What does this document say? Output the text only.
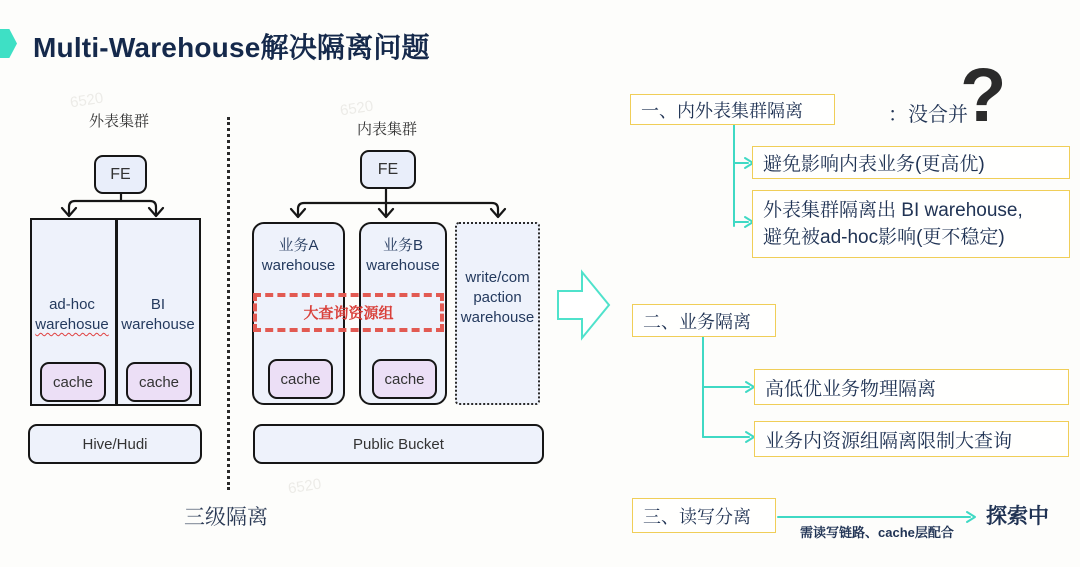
6520	6520
6520
Multi-Warehouse解决隔离问题
外表集群
FE
ad-hoc
warehosue
BI
warehouse
cache	cache
Hive/Hudi
内表集群
FE
业务A
warehouse
业务B
warehouse
write/com
paction
warehouse
大查询资源组
cache	cache
Public Bucket
三级隔离
一、内外表集群隔离	：没合并
?
避免影响内表业务(更高优)
外表集群隔离出 BI warehouse,
避免被ad-hoc影响(更不稳定)
二、业务隔离
高低优业务物理隔离
业务内资源组隔离限制大查询
三、读写分离
需读写链路、cache层配合
探索中
